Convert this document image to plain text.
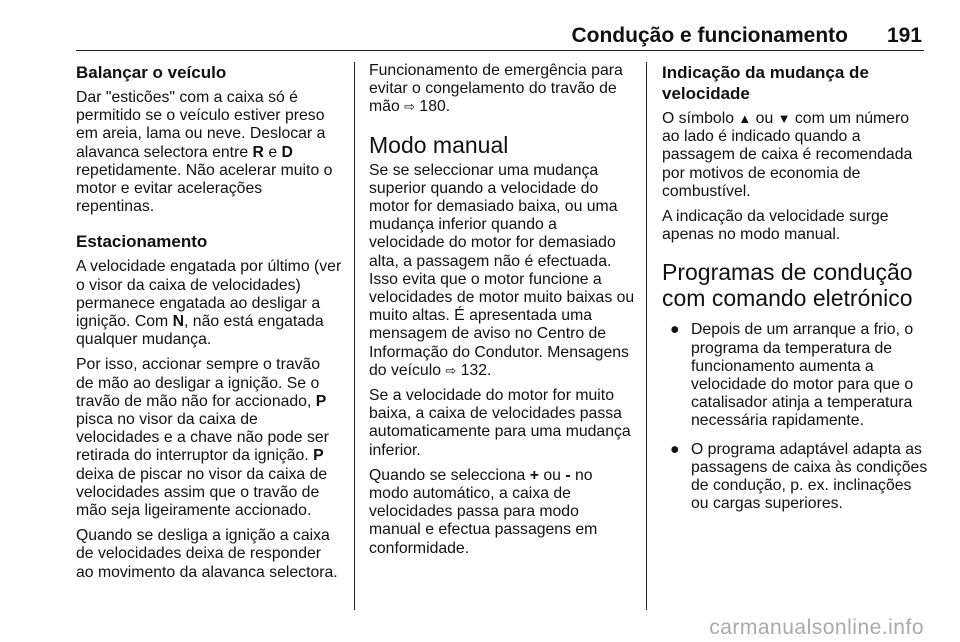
Condução e funcionamento 191
Balançar o veículo

Dar "esticões" com a caixa só é permitido se o veículo estiver preso em areia, lama ou neve. Deslocar a alavanca selectora entre R e D repetidamente. Não acelerar muito o motor e evitar acelerações repentinas.

Estacionamento

A velocidade engatada por último (ver o visor da caixa de velocidades) permanece engatada ao desligar a ignição. Com N, não está engatada qualquer mudança.

Por isso, accionar sempre o travão de mão ao desligar a ignição. Se o travão de mão não for accionado, P pisca no visor da caixa de velocidades e a chave não pode ser retirada do interruptor da ignição. P deixa de piscar no visor da caixa de velocidades assim que o travão de mão seja ligeiramente accionado.

Quando se desliga a ignição a caixa de velocidades deixa de responder ao movimento da alavanca selectora.

Funcionamento de emergência para evitar o congelamento do travão de mão ⇨ 180.

Modo manual

Se se seleccionar uma mudança superior quando a velocidade do motor for demasiado baixa, ou uma mudança inferior quando a velocidade do motor for demasiado alta, a passagem não é efectuada. Isso evita que o motor funcione a velocidades de motor muito baixas ou muito altas. É apresentada uma mensagem de aviso no Centro de Informação do Condutor. Mensagens do veículo ⇨ 132.

Se a velocidade do motor for muito baixa, a caixa de velocidades passa automaticamente para uma mudança inferior.

Quando se selecciona + ou - no modo automático, a caixa de velocidades passa para modo manual e efectua passagens em conformidade.

Indicação da mudança de velocidade

O símbolo ▲ ou ▼ com um número ao lado é indicado quando a passagem de caixa é recomendada por motivos de economia de combustível.

A indicação da velocidade surge apenas no modo manual.

Programas de condução com comando eletrónico
● Depois de um arranque a frio, o programa da temperatura de funcionamento aumenta a velocidade do motor para que o catalisador atinja a temperatura necessária rapidamente.
● O programa adaptável adapta as passagens de caixa às condições de condução, p. ex. inclinações ou cargas superiores.
carmanualsonline.info
